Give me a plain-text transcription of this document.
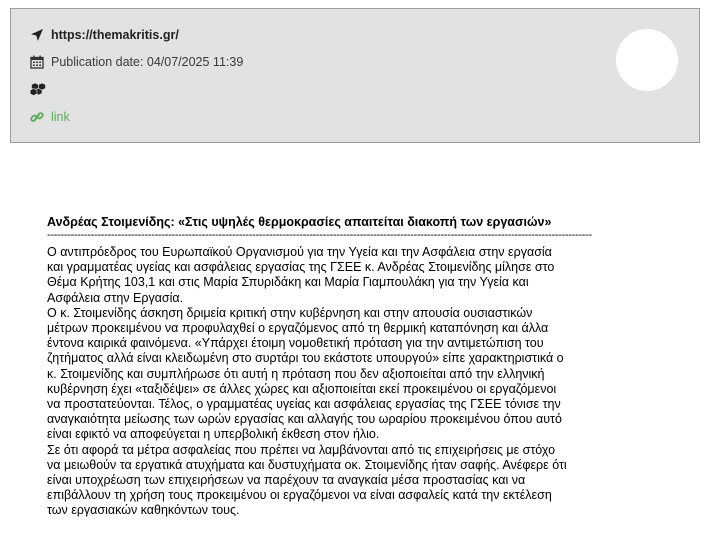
https://themakritis.gr/
Publication date: 04/07/2025 11:39
link
Ανδρέας Στοιμενίδης: «Στις υψηλές θερμοκρασίες απαιτείται διακοπή των εργασιών»
------------------------------------------------------------------------------------------------------------------------------------------------------------------

Ο αντιπρόεδρος του Ευρωπαϊκού Οργανισμού για την Υγεία και την Ασφάλεια στην εργασία
και γραμματέας υγείας και ασφάλειας εργασίας της ΓΣΕΕ κ. Ανδρέας Στοιμενίδης μίλησε στο
Θέμα Κρήτης 103,1 και στις Μαρία Σπυριδάκη και Μαρία Γιαμπουλάκη για την Υγεία και
Ασφάλεια στην Εργασία.
Ο κ. Στοιμενίδης άσκηση δριμεία κριτική στην κυβέρνηση και στην απουσία ουσιαστικών
μέτρων προκειμένου να προφυλαχθεί ο εργαζόμενος από τη θερμική καταπόνηση και άλλα
έντονα καιρικά φαινόμενα. «Υπάρχει έτοιμη νομοθετική πρόταση για την αντιμετώπιση του
ζητήματος αλλά είναι κλειδωμένη στο συρτάρι του εκάστοτε υπουργού» είπε χαρακτηριστικά ο
κ. Στοιμενίδης και συμπλήρωσε ότι αυτή η πρόταση που δεν αξιοποιείται από την ελληνική
κυβέρνηση έχει «ταξιδέψει» σε άλλες χώρες και αξιοποιείται εκεί προκειμένου οι εργαζόμενοι
να προστατεύονται. Τέλος, ο γραμματέας υγείας και ασφάλειας εργασίας της ΓΣΕΕ τόνισε την
αναγκαιότητα μείωσης των ωρών εργασίας και αλλαγής του ωραρίου προκειμένου όπου αυτό
είναι εφικτό να αποφεύγεται η υπερβολική έκθεση στον ήλιο.
Σε ότι αφορά τα μέτρα ασφαλείας που πρέπει να λαμβάνονται από τις επιχειρήσεις με στόχο
να μειωθούν τα εργατικά ατυχήματα και δυστυχήματα οκ. Στοιμενίδης ήταν σαφής. Ανέφερε ότι
είναι υποχρέωση των επιχειρήσεων να παρέχουν τα αναγκαία μέσα προστασίας και να
επιβάλλουν τη χρήση τους προκειμένου οι εργαζόμενοι να είναι ασφαλείς κατά την εκτέλεση
των εργασιακών καθηκόντων τους.
